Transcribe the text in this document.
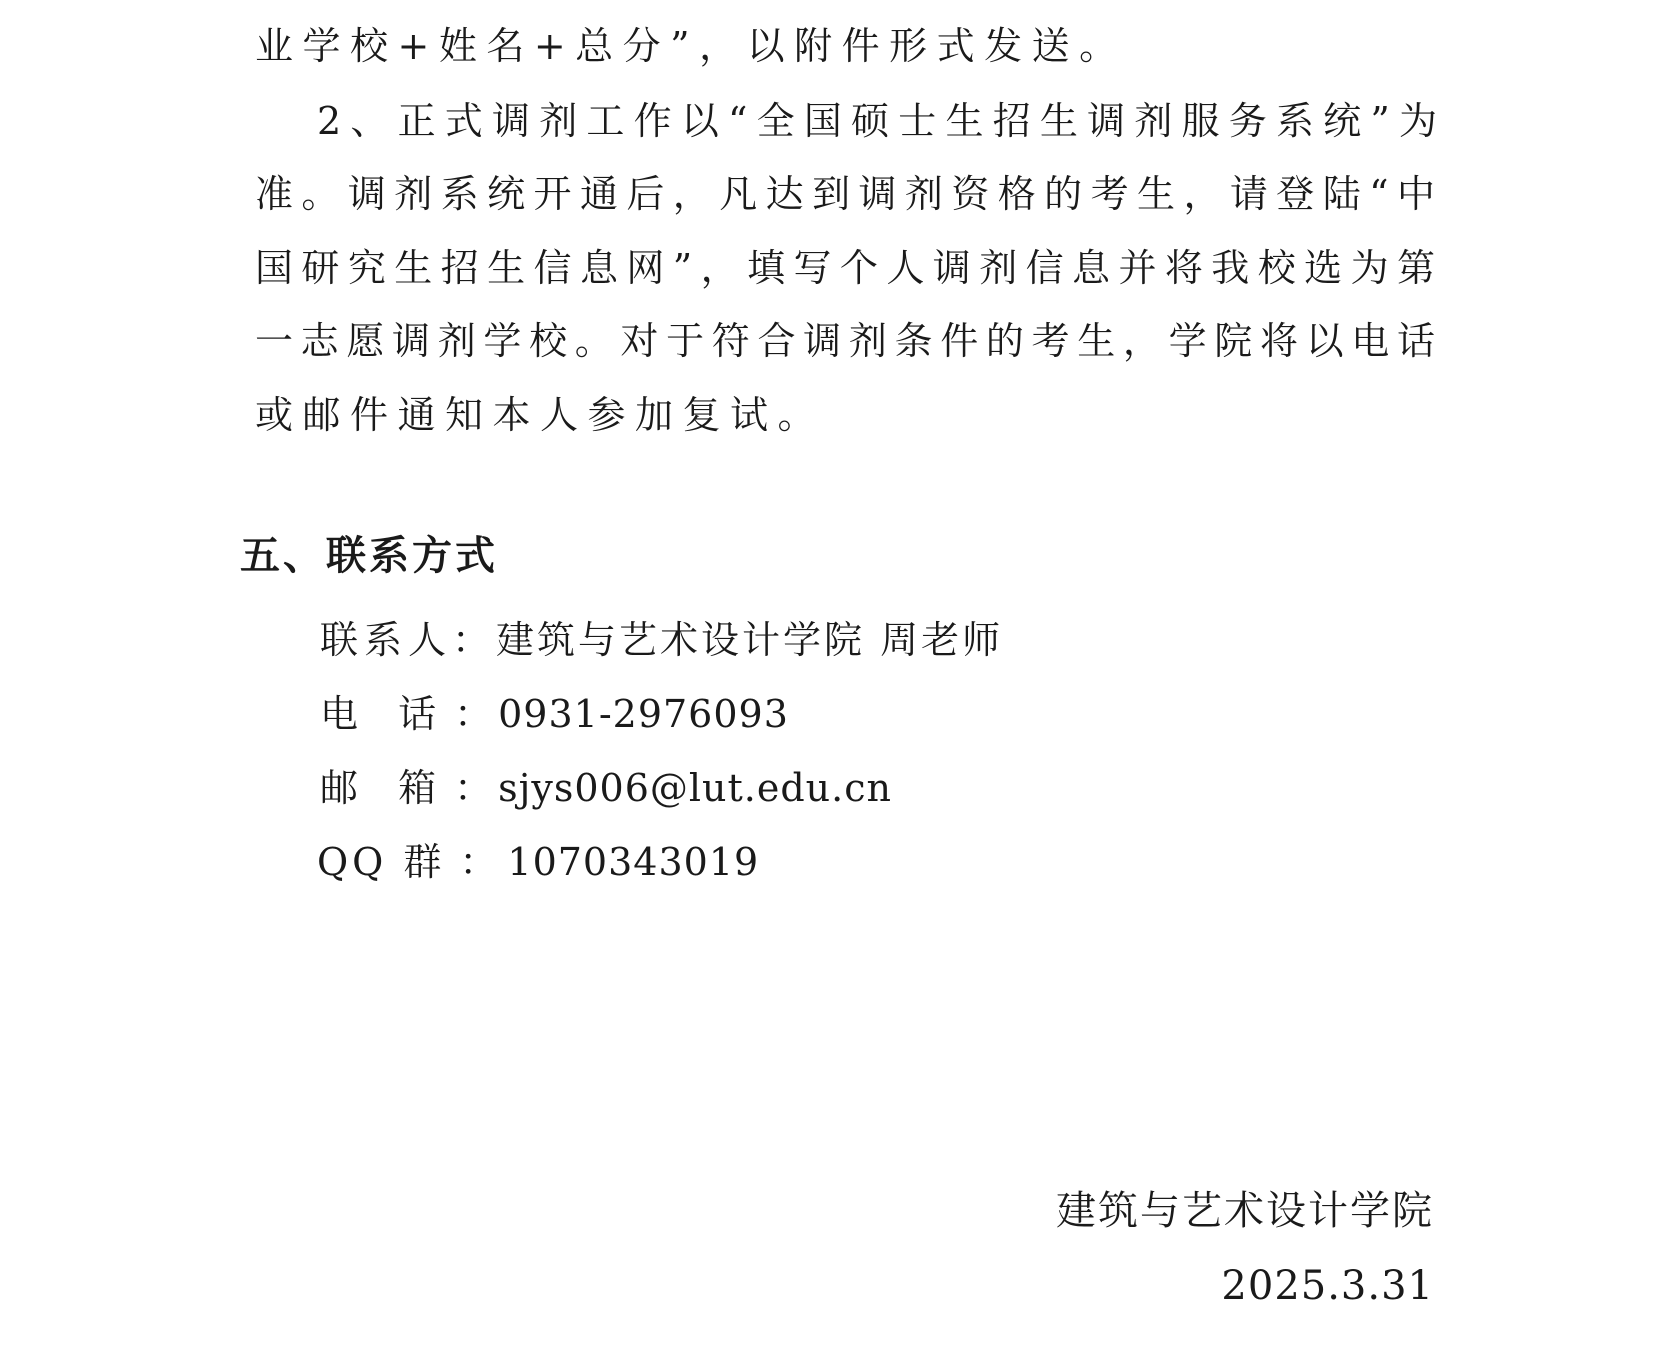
业学校+姓名+总分”，以附件形式发送。
2、正式调剂工作以“全国硕士生招生调剂服务系统”为
准。调剂系统开通后，凡达到调剂资格的考生，请登陆“中
国研究生招生信息网”，填写个人调剂信息并将我校选为第
一志愿调剂学校。对于符合调剂条件的考生，学院将以电话
或邮件通知本人参加复试。
五、联系方式
联系人：建筑与艺术设计学院 周老师
电 话 ： 0931-2976093
邮 箱 ： sjys006@lut.edu.cn
QQ 群 ： 1070343019
建筑与艺术设计学院
2025.3.31
